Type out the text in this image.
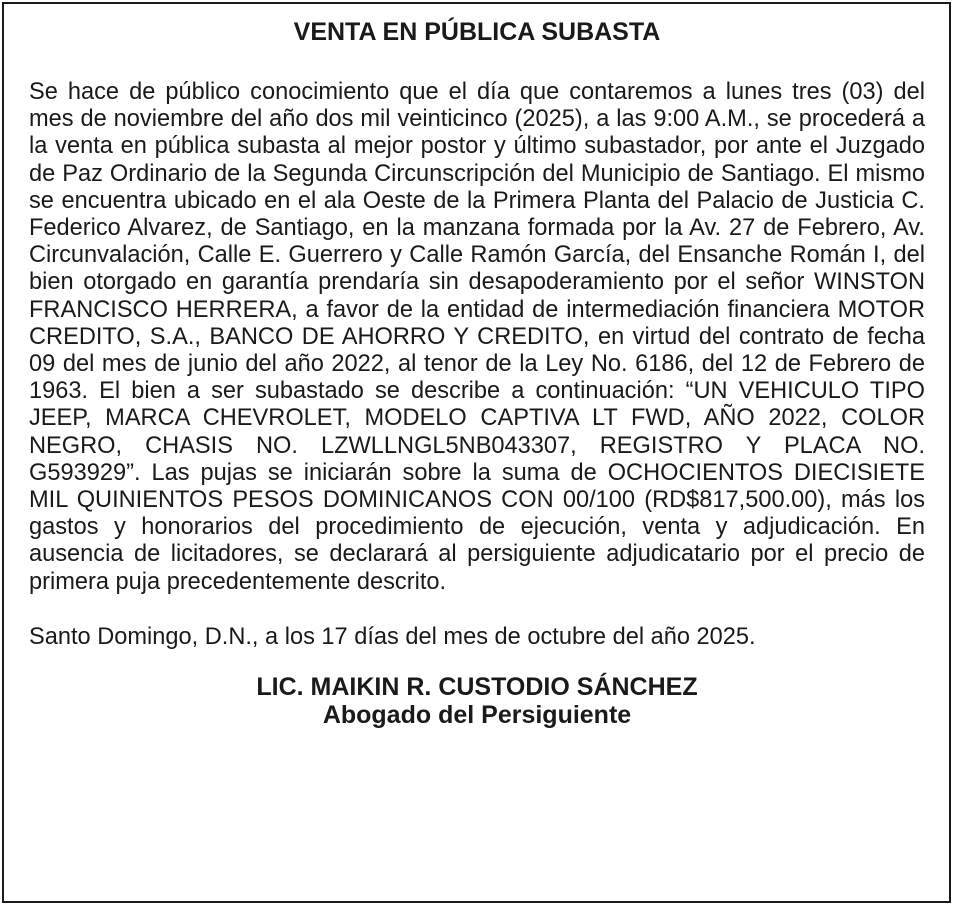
VENTA EN PÚBLICA SUBASTA

Se hace de público conocimiento que el día que contaremos a lunes tres (03) del mes de noviembre del año dos mil veinticinco (2025), a las 9:00 A.M., se procederá a la venta en pública subasta al mejor postor y último subastador, por ante el Juzgado de Paz Ordinario de la Segunda Circunscripción del Municipio de Santiago. El mismo se encuentra ubicado en el ala Oeste de la Primera Planta del Palacio de Justicia C. Federico Alvarez, de Santiago, en la manzana formada por la Av. 27 de Febrero, Av. Circunvalación, Calle E. Guerrero y Calle Ramón García, del Ensanche Román I, del bien otorgado en garantía prendaría sin desapoderamiento por el señor WINSTON FRANCISCO HERRERA, a favor de la entidad de intermediación financiera MOTOR CREDITO, S.A., BANCO DE AHORRO Y CREDITO, en virtud del contrato de fecha 09 del mes de junio del año 2022, al tenor de la Ley No. 6186, del 12 de Febrero de 1963. El bien a ser subastado se describe a continuación: “UN VEHICULO TIPO JEEP, MARCA CHEVROLET, MODELO CAPTIVA LT FWD, AÑO 2022, COLOR NEGRO, CHASIS NO. LZWLLNGL5NB043307, REGISTRO Y PLACA NO. G593929”. Las pujas se iniciarán sobre la suma de OCHOCIENTOS DIECISIETE MIL QUINIENTOS PESOS DOMINICANOS CON 00/100 (RD$817,500.00), más los gastos y honorarios del procedimiento de ejecución, venta y adjudicación. En ausencia de licitadores, se declarará al persiguiente adjudicatario por el precio de primera puja precedentemente descrito.

Santo Domingo, D.N., a los 17 días del mes de octubre del año 2025.

LIC. MAIKIN R. CUSTODIO SÁNCHEZ
Abogado del Persiguiente
